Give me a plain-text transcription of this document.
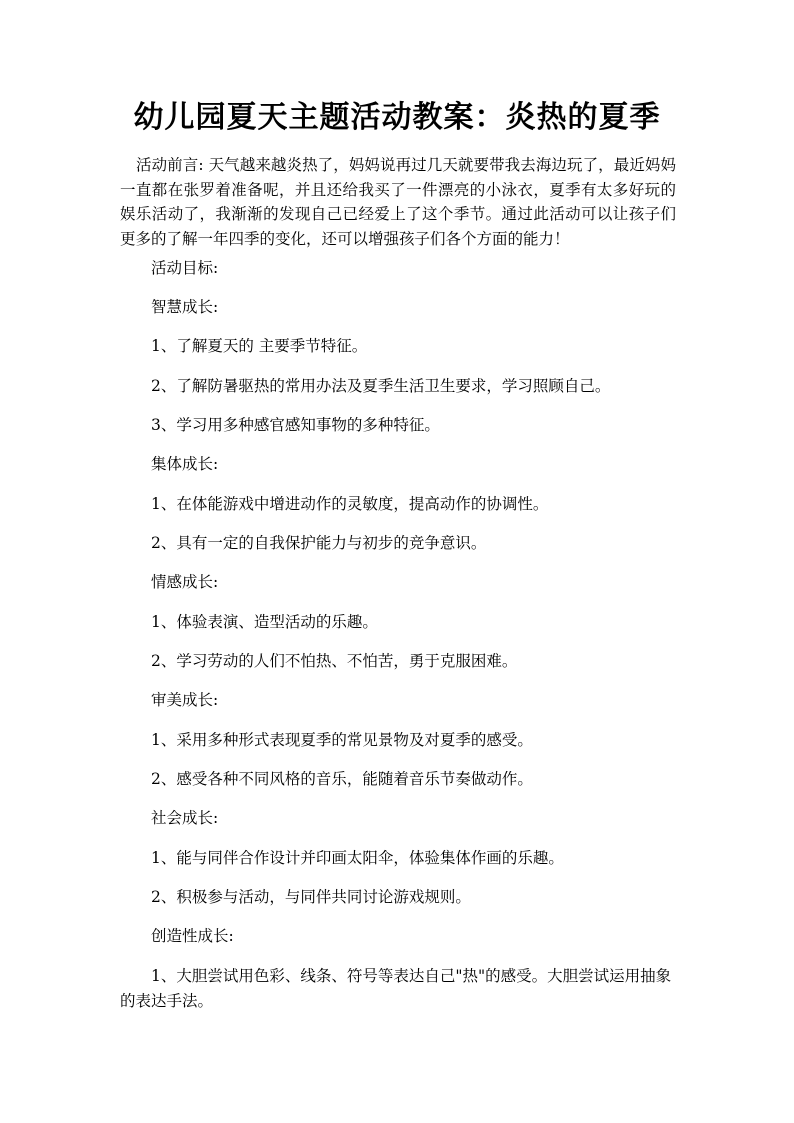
幼儿园夏天主题活动教案：炎热的夏季

活动前言: 天气越来越炎热了，妈妈说再过几天就要带我去海边玩了，最近妈妈一直都在张罗着准备呢，并且还给我买了一件漂亮的小泳衣，夏季有太多好玩的娱乐活动了，我渐渐的发现自己已经爱上了这个季节。通过此活动可以让孩子们更多的了解一年四季的变化，还可以增强孩子们各个方面的能力！

活动目标:

智慧成长:

1、了解夏天的 主要季节特征。

2、了解防暑驱热的常用办法及夏季生活卫生要求，学习照顾自己。

3、学习用多种感官感知事物的多种特征。

集体成长:

1、在体能游戏中增进动作的灵敏度，提高动作的协调性。

2、具有一定的自我保护能力与初步的竞争意识。

情感成长:

1、体验表演、造型活动的乐趣。

2、学习劳动的人们不怕热、不怕苦，勇于克服困难。

审美成长:

1、采用多种形式表现夏季的常见景物及对夏季的感受。

2、感受各种不同风格的音乐，能随着音乐节奏做动作。

社会成长:

1、能与同伴合作设计并印画太阳伞，体验集体作画的乐趣。

2、积极参与活动，与同伴共同讨论游戏规则。

创造性成长:

1、大胆尝试用色彩、线条、符号等表达自己"热"的感受。大胆尝试运用抽象的表达手法。
